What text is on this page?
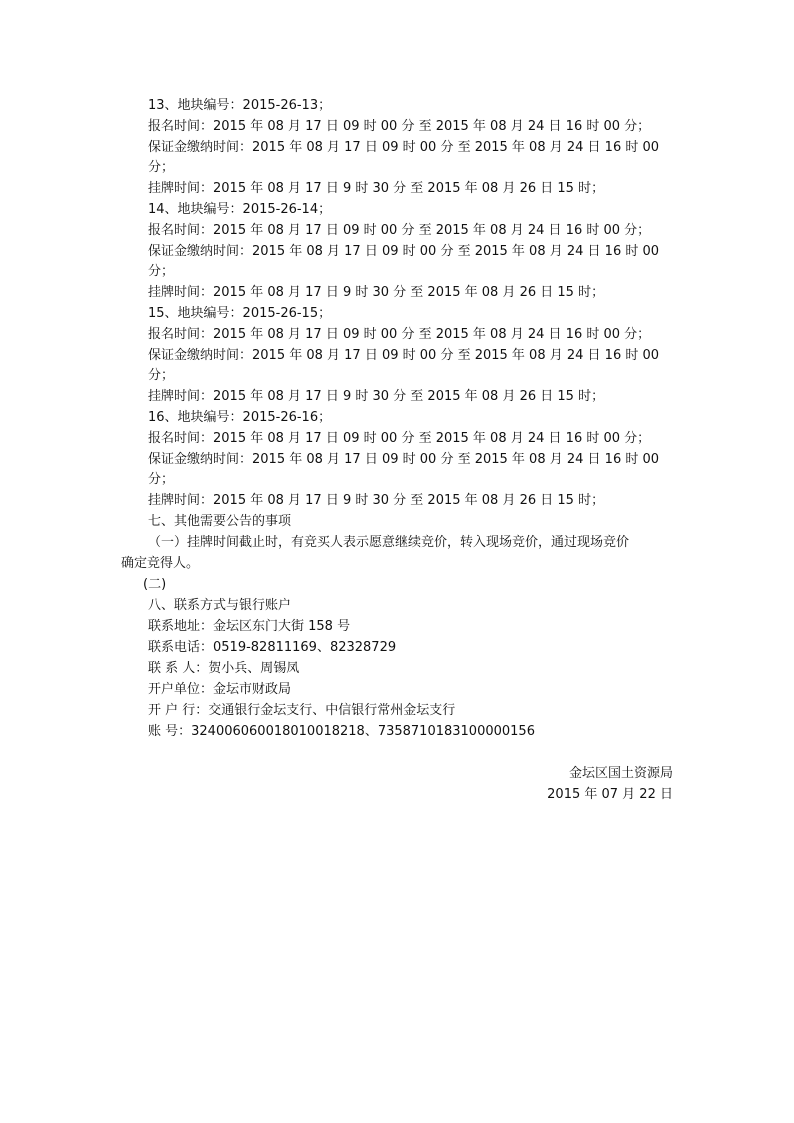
13、地块编号：2015-26-13；
报名时间：2015 年 08 月 17 日 09 时 00 分 至 2015 年 08 月 24 日 16 时 00 分；
保证金缴纳时间：2015 年 08 月 17 日 09 时 00 分 至 2015 年 08 月 24 日 16 时 00
分；
挂牌时间：2015 年 08 月 17 日 9 时 30 分 至 2015 年 08 月 26 日 15 时；
14、地块编号：2015-26-14；
报名时间：2015 年 08 月 17 日 09 时 00 分 至 2015 年 08 月 24 日 16 时 00 分；
保证金缴纳时间：2015 年 08 月 17 日 09 时 00 分 至 2015 年 08 月 24 日 16 时 00
分；
挂牌时间：2015 年 08 月 17 日 9 时 30 分 至 2015 年 08 月 26 日 15 时；
15、地块编号：2015-26-15；
报名时间：2015 年 08 月 17 日 09 时 00 分 至 2015 年 08 月 24 日 16 时 00 分；
保证金缴纳时间：2015 年 08 月 17 日 09 时 00 分 至 2015 年 08 月 24 日 16 时 00
分；
挂牌时间：2015 年 08 月 17 日 9 时 30 分 至 2015 年 08 月 26 日 15 时；
16、地块编号：2015-26-16；
报名时间：2015 年 08 月 17 日 09 时 00 分 至 2015 年 08 月 24 日 16 时 00 分；
保证金缴纳时间：2015 年 08 月 17 日 09 时 00 分 至 2015 年 08 月 24 日 16 时 00
分；
挂牌时间：2015 年 08 月 17 日 9 时 30 分 至 2015 年 08 月 26 日 15 时；
七、其他需要公告的事项
（一）挂牌时间截止时，有竞买人表示愿意继续竞价，转入现场竞价，通过现场竞价
确定竞得人。
(二)
八、联系方式与银行账户
联系地址：金坛区东门大街 158 号
联系电话：0519-82811169、82328729
联 系 人：贺小兵、周锡凤
开户单位：金坛市财政局
开 户 行：交通银行金坛支行、中信银行常州金坛支行
账 号：32400606001801001821​8、7358710183100000156
金坛区国土资源局
2015 年 07 月 22 日
